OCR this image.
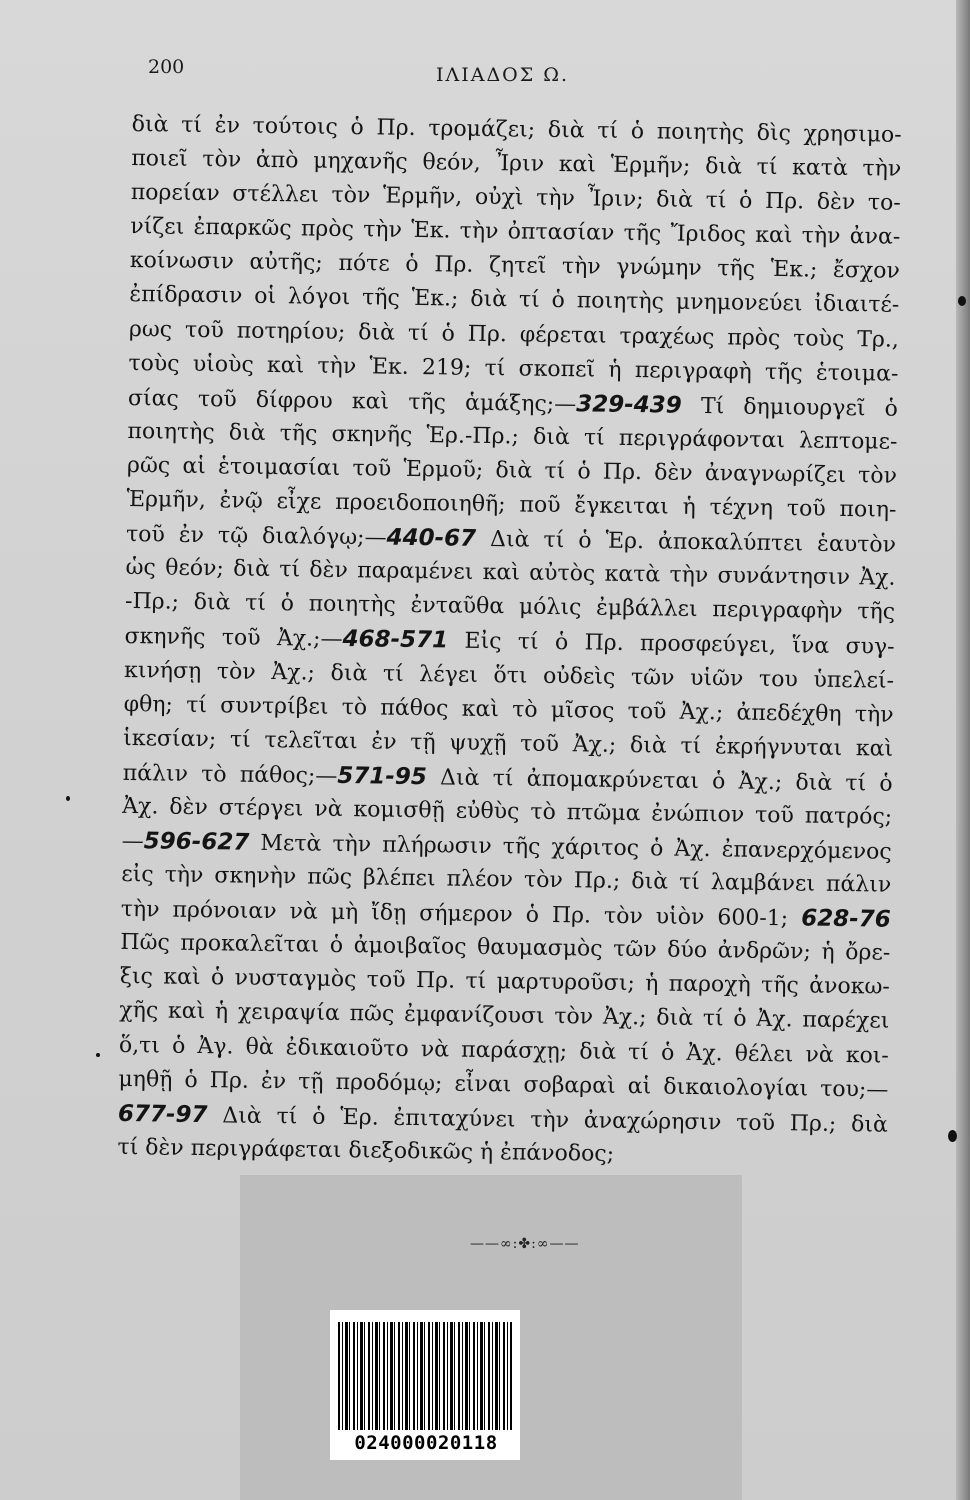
200	ΙΛΙΑΔΟΣ Ω.
διὰ τί ἐν τούτοις ὁ Πρ. τρομάζει; διὰ τί ὁ ποιητὴς δὶς χρησιμο-
ποιεῖ τὸν ἀπὸ μηχανῆς θεόν, Ἶριν καὶ Ἑρμῆν; διὰ τί κατὰ τὴν
πορείαν στέλλει τὸν Ἑρμῆν, οὐχὶ τὴν Ἶριν; διὰ τί ὁ Πρ. δὲν το-
νίζει ἐπαρκῶς πρὸς τὴν Ἑκ. τὴν ὀπτασίαν τῆς Ἴριδος καὶ τὴν ἀνα-
κοίνωσιν αὐτῆς; πότε ὁ Πρ. ζητεῖ τὴν γνώμην τῆς Ἑκ.; ἔσχον
ἐπίδρασιν οἱ λόγοι τῆς Ἑκ.; διὰ τί ὁ ποιητὴς μνημονεύει ἰδιαιτέ-
ρως τοῦ ποτηρίου; διὰ τί ὁ Πρ. φέρεται τραχέως πρὸς τοὺς Τρ.,
τοὺς υἱοὺς καὶ τὴν Ἑκ. 219; τί σκοπεῖ ἡ περιγραφὴ τῆς ἑτοιμα-
σίας τοῦ δίφρου καὶ τῆς ἁμάξης;—329-439 Τί δημιουργεῖ ὁ
ποιητὴς διὰ τῆς σκηνῆς Ἑρ.-Πρ.; διὰ τί περιγράφονται λεπτομε-
ρῶς αἱ ἑτοιμασίαι τοῦ Ἑρμοῦ; διὰ τί ὁ Πρ. δὲν ἀναγνωρίζει τὸν
Ἑρμῆν, ἐνῷ εἶχε προειδοποιηθῆ; ποῦ ἔγκειται ἡ τέχνη τοῦ ποιη-
τοῦ ἐν τῷ διαλόγῳ;—440-67 Διὰ τί ὁ Ἑρ. ἀποκαλύπτει ἑαυτὸν
ὡς θεόν; διὰ τί δὲν παραμένει καὶ αὐτὸς κατὰ τὴν συνάντησιν Ἀχ.
-Πρ.; διὰ τί ὁ ποιητὴς ἐνταῦθα μόλις ἐμβάλλει περιγραφὴν τῆς
σκηνῆς τοῦ Ἀχ.;—468-571 Εἰς τί ὁ Πρ. προσφεύγει, ἵνα συγ-
κινήσῃ τὸν Ἀχ.; διὰ τί λέγει ὅτι οὐδεὶς τῶν υἱῶν του ὑπελεί-
φθη; τί συντρίβει τὸ πάθος καὶ τὸ μῖσος τοῦ Ἀχ.; ἀπεδέχθη τὴν
ἱκεσίαν; τί τελεῖται ἐν τῇ ψυχῇ τοῦ Ἀχ.; διὰ τί ἐκρήγνυται καὶ
πάλιν τὸ πάθος;—571-95 Διὰ τί ἀπομακρύνεται ὁ Ἀχ.; διὰ τί ὁ
Ἀχ. δὲν στέργει νὰ κομισθῇ εὐθὺς τὸ πτῶμα ἐνώπιον τοῦ πατρός;
—596-627 Μετὰ τὴν πλήρωσιν τῆς χάριτος ὁ Ἀχ. ἐπανερχόμενος
εἰς τὴν σκηνὴν πῶς βλέπει πλέον τὸν Πρ.; διὰ τί λαμβάνει πάλιν
τὴν πρόνοιαν νὰ μὴ ἴδῃ σήμερον ὁ Πρ. τὸν υἱὸν 600-1; 628-76
Πῶς προκαλεῖται ὁ ἀμοιβαῖος θαυμασμὸς τῶν δύο ἀνδρῶν; ἡ ὄρε-
ξις καὶ ὁ νυσταγμὸς τοῦ Πρ. τί μαρτυροῦσι; ἡ παροχὴ τῆς ἀνοκω-
χῆς καὶ ἡ χειραψία πῶς ἐμφανίζουσι τὸν Ἀχ.; διὰ τί ὁ Ἀχ. παρέχει
ὅ,τι ὁ Ἀγ. θὰ ἐδικαιοῦτο νὰ παράσχῃ; διὰ τί ὁ Ἀχ. θέλει νὰ κοι-
μηθῇ ὁ Πρ. ἐν τῇ προδόμῳ; εἶναι σοβαραὶ αἱ δικαιολογίαι του;—
677-97 Διὰ τί ὁ Ἑρ. ἐπιταχύνει τὴν ἀναχώρησιν τοῦ Πρ.; διὰ
τί δὲν περιγράφεται διεξοδικῶς ἡ ἐπάνοδος;
——∞:✤:∞——
024000020118
